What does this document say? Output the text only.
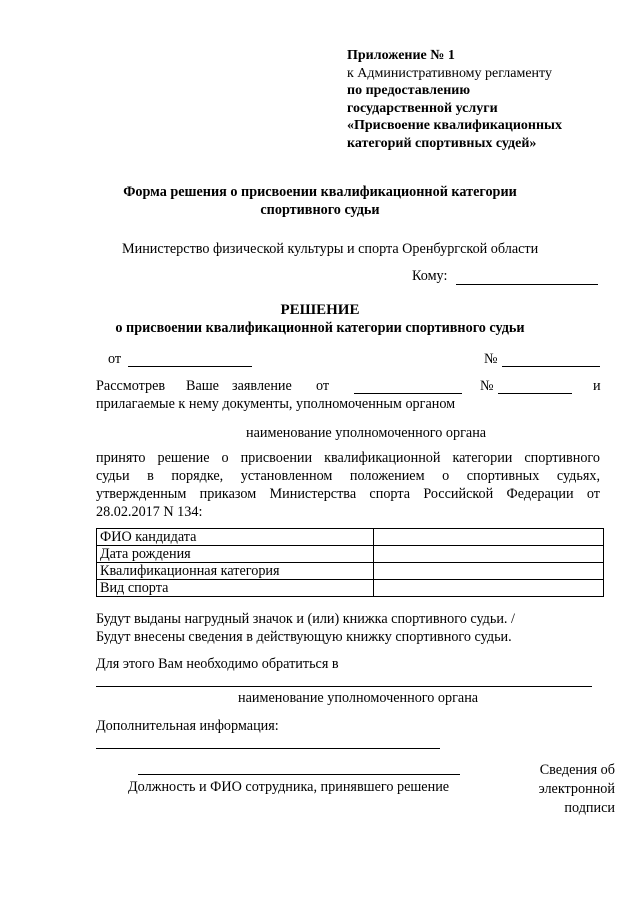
Приложение № 1
к Административному регламенту
по предоставлению
государственной услуги
«Присвоение квалификационных
категорий спортивных судей»
Форма решения о присвоении квалификационной категории
спортивного судьи
Министерство физической культуры и спорта Оренбургской области
Кому:
РЕШЕНИЕ
о присвоении квалификационной категории спортивного судьи
от	№
Рассмотрев Ваше заявление от	№	и
прилагаемые к нему документы, уполномоченным органом
наименование уполномоченного органа
принято решение о присвоении квалификационной категории спортивного
судьи в порядке, установленном положением о спортивных судьях,
утвержденным приказом Министерства спорта Российской Федерации от
28.02.2017 N 134:
ФИО кандидата	
Дата рождения	
Квалификационная категория	
Вид спорта	
Будут выданы нагрудный значок и (или) книжка спортивного судьи. /
Будут внесены сведения в действующую книжку спортивного судьи.
Для этого Вам необходимо обратиться в
наименование уполномоченного органа
Дополнительная информация:
Должность и ФИО сотрудника, принявшего решение
Сведения об
электронной
подписи
